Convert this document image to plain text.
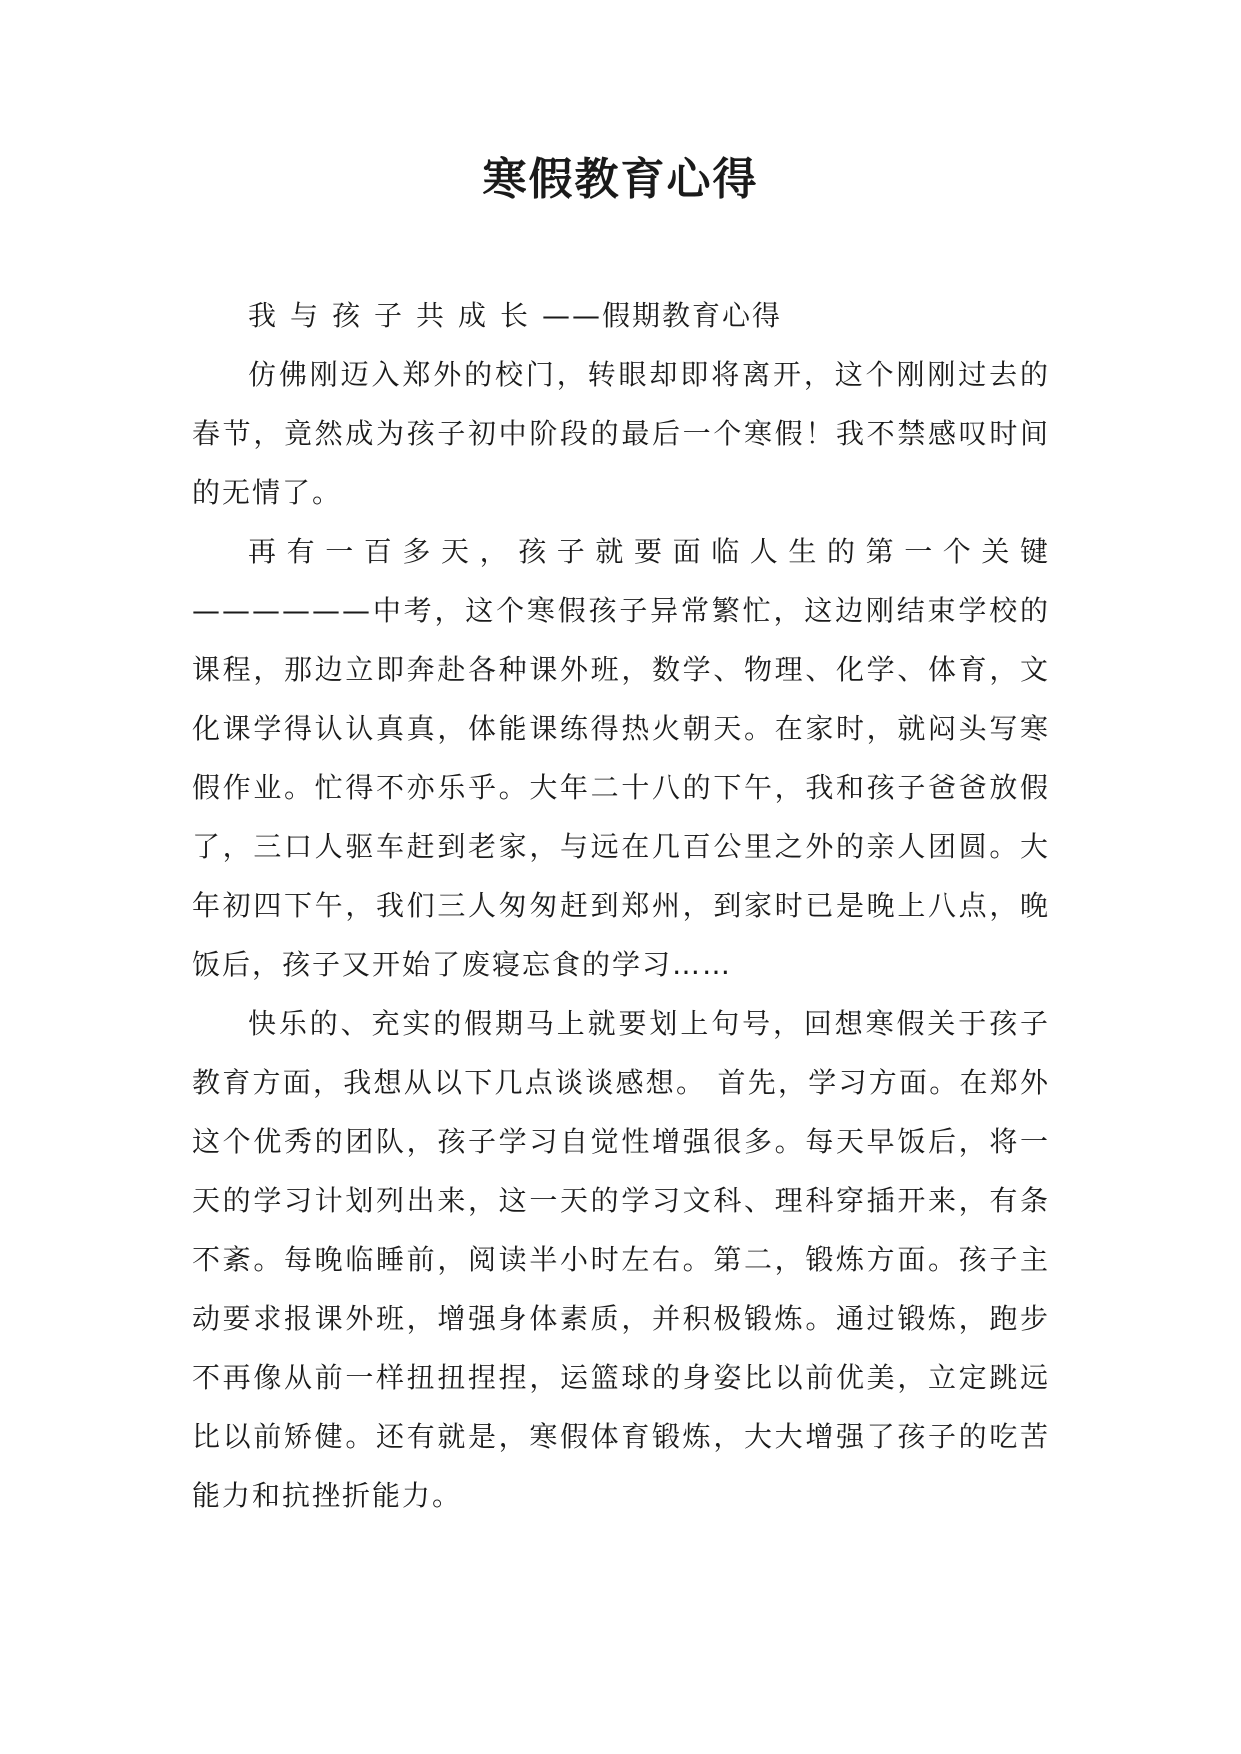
寒假教育心得

我与孩子共成长——假期教育心得

仿佛刚迈入郑外的校门，转眼却即将离开，这个刚刚过去的春节，竟然成为孩子初中阶段的最后一个寒假！我不禁感叹时间的无情了。

再有一百多天，孩子就要面临人生的第一个关键——————中考，这个寒假孩子异常繁忙，这边刚结束学校的课程，那边立即奔赴各种课外班，数学、物理、化学、体育，文化课学得认认真真，体能课练得热火朝天。在家时，就闷头写寒假作业。忙得不亦乐乎。大年二十八的下午，我和孩子爸爸放假了，三口人驱车赶到老家，与远在几百公里之外的亲人团圆。大年初四下午，我们三人匆匆赶到郑州，到家时已是晚上八点，晚饭后，孩子又开始了废寝忘食的学习……

快乐的、充实的假期马上就要划上句号，回想寒假关于孩子教育方面，我想从以下几点谈谈感想。 首先，学习方面。在郑外这个优秀的团队，孩子学习自觉性增强很多。每天早饭后，将一天的学习计划列出来，这一天的学习文科、理科穿插开来，有条不紊。每晚临睡前，阅读半小时左右。第二，锻炼方面。孩子主动要求报课外班，增强身体素质，并积极锻炼。通过锻炼，跑步不再像从前一样扭扭捏捏，运篮球的身姿比以前优美，立定跳远比以前矫健。还有就是，寒假体育锻炼，大大增强了孩子的吃苦能力和抗挫折能力。
